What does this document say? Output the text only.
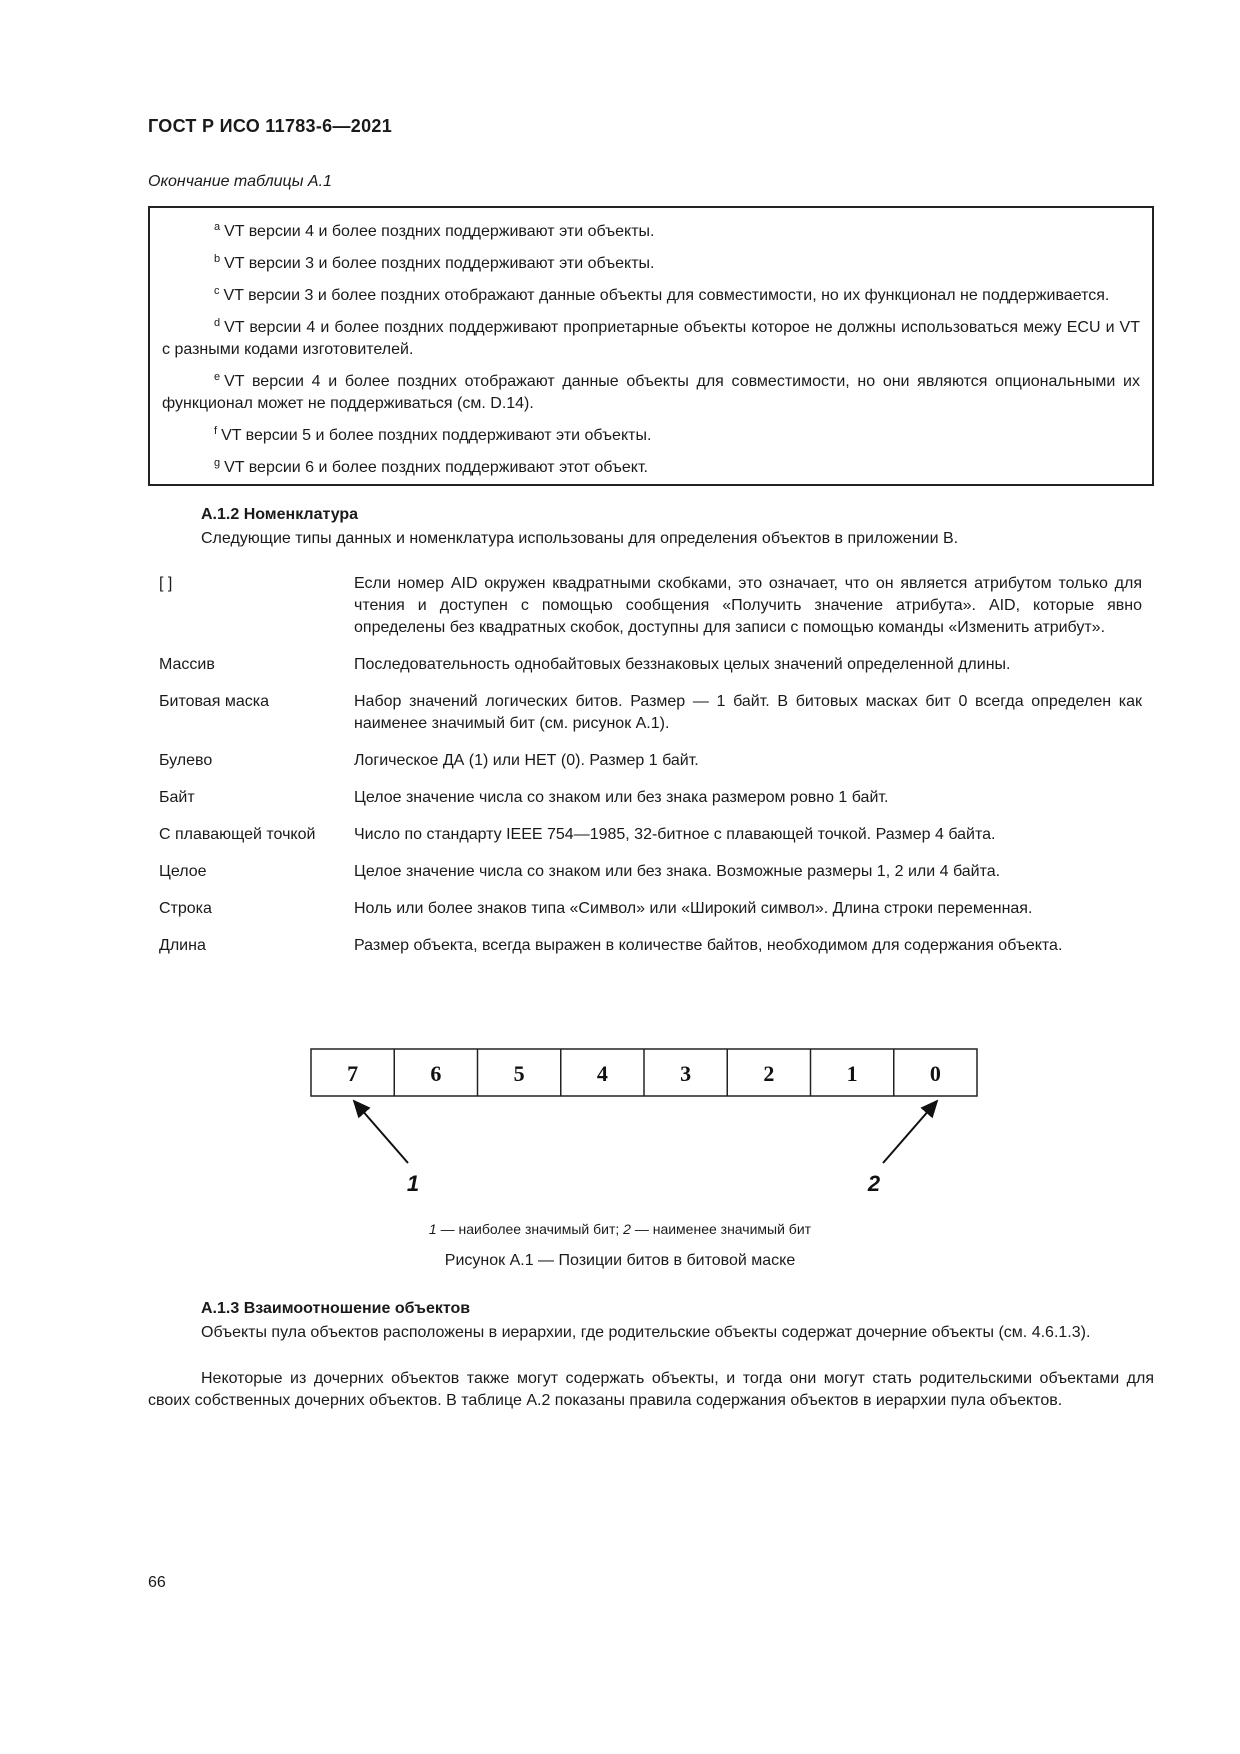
ГОСТ Р ИСО 11783-6—2021
Окончание таблицы А.1
$^a$ VT версии 4 и более поздних поддерживают эти объекты.
$^b$ VT версии 3 и более поздних поддерживают эти объекты.
$^c$ VT версии 3 и более поздних отображают данные объекты для совместимости, но их функционал не поддерживается.
$^d$ VT версии 4 и более поздних поддерживают проприетарные объекты которое не должны использоваться межу ECU и VT с разными кодами изготовителей.
$^e$ VT версии 4 и более поздних отображают данные объекты для совместимости, но они являются опциональными их функционал может не поддерживаться (см. D.14).
$^f$ VT версии 5 и более поздних поддерживают эти объекты.
$^g$ VT версии 6 и более поздних поддерживают этот объект.
А.1.2 Номенклатура
Следующие типы данных и номенклатура использованы для определения объектов в приложении В.
[ ]	Если номер AID окружен квадратными скобками, это означает, что он является атрибутом только для чтения и доступен с помощью сообщения «Получить значение атрибута». AID, которые явно определены без квадратных скобок, доступны для записи с помощью команды «Изменить атрибут».
Массив	Последовательность однобайтовых беззнаковых целых значений определенной длины.
Битовая маска	Набор значений логических битов. Размер — 1 байт. В битовых масках бит 0 всегда определен как наименее значимый бит (см. рисунок А.1).
Булево	Логическое ДА (1) или НЕТ (0). Размер 1 байт.
Байт	Целое значение числа со знаком или без знака размером ровно 1 байт.
С плавающей точкой	Число по стандарту IEEE 754—1985, 32-битное с плавающей точкой. Размер 4 байта.
Целое	Целое значение числа со знаком или без знака. Возможные размеры 1, 2 или 4 байта.
Строка	Ноль или более знаков типа «Символ» или «Широкий символ». Длина строки переменная.
Длина	Размер объекта, всегда выражен в количестве байтов, необходимом для содержания объекта.
7	6	5	4	3	2	1	0
1	2
1 — наиболее значимый бит; 2 — наименее значимый бит
Рисунок А.1 — Позиции битов в битовой маске
А.1.3 Взаимоотношение объектов
Объекты пула объектов расположены в иерархии, где родительские объекты содержат дочерние объекты (см. 4.6.1.3).
Некоторые из дочерних объектов также могут содержать объекты, и тогда они могут стать родительскими объектами для своих собственных дочерних объектов. В таблице А.2 показаны правила содержания объектов в иерархии пула объектов.
66
